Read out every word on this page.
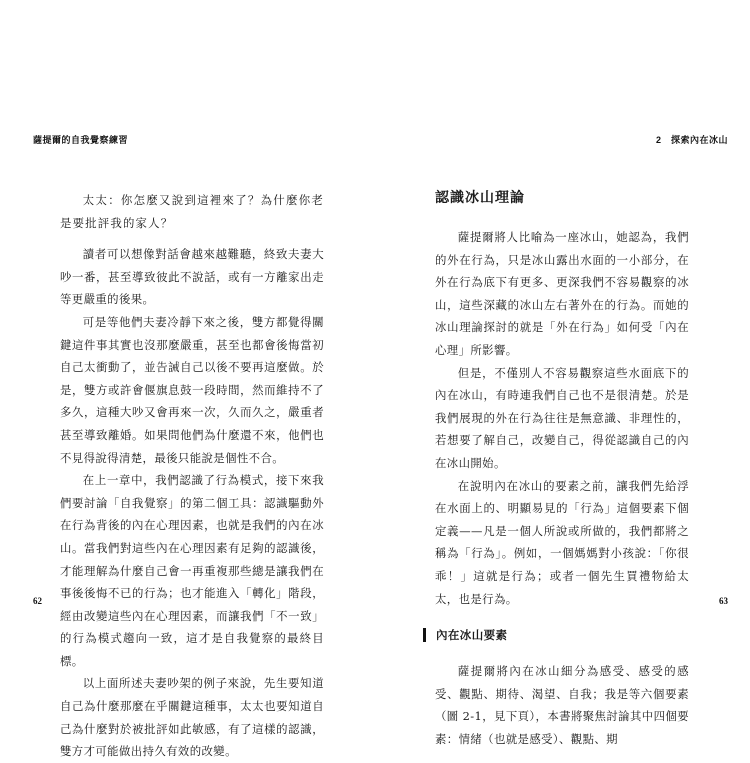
薩提爾的自我覺察練習

太太：你怎麼又說到這裡來了？為什麼你老是要批評我的家人？

讀者可以想像對話會越來越難聽，終致夫妻大吵一番，甚至導致彼此不說話，或有一方離家出走等更嚴重的後果。

可是等他們夫妻冷靜下來之後，雙方都覺得關鍵這件事其實也沒那麼嚴重，甚至也都會後悔當初自己太衝動了，並告誡自己以後不要再這麼做。於是，雙方或許會偃旗息鼓一段時間，然而維持不了多久，這種大吵又會再來一次，久而久之，嚴重者甚至導致離婚。如果問他們為什麼還不來，他們也不見得說得清楚，最後只能說是個性不合。

在上一章中，我們認識了行為模式，接下來我們要討論「自我覺察」的第二個工具：認識驅動外在行為背後的內在心理因素，也就是我們的內在冰山。當我們對這些內在心理因素有足夠的認識後，才能理解為什麼自己會一再重複那些總是讓我們在事後後悔不已的行為；也才能進入「轉化」階段，經由改變這些內在心理因素，而讓我們「不一致」的行為模式趨向一致，這才是自我覺察的最終目標。

以上面所述夫妻吵架的例子來說，先生要知道自己為什麼那麼在乎關鍵這種事，太太也要知道自己為什麼對於被批評如此敏感，有了這樣的認識，雙方才可能做出持久有效的改變。

62
2　探索內在冰山

認識冰山理論

薩提爾將人比喻為一座冰山，她認為，我們的外在行為，只是冰山露出水面的一小部分，在外在行為底下有更多、更深我們不容易觀察的冰山，這些深藏的冰山左右著外在的行為。而她的冰山理論探討的就是「外在行為」如何受「內在心理」所影響。

但是，不僅別人不容易觀察這些水面底下的內在冰山，有時連我們自己也不是很清楚。於是我們展現的外在行為往往是無意識、非理性的，若想要了解自己，改變自己，得從認識自己的內在冰山開始。

在說明內在冰山的要素之前，讓我們先給浮在水面上的、明顯易見的「行為」這個要素下個定義——凡是一個人所說或所做的，我們都將之稱為「行為」。例如，一個媽媽對小孩說：「你很乖！」這就是行為；或者一個先生買禮物給太太，也是行為。

內在冰山要素

薩提爾將內在冰山細分為感受、感受的感受、觀點、期待、渴望、自我；我是等六個要素（圖 2-1，見下頁），本書將聚焦討論其中四個要素：情緒（也就是感受）、觀點、期

63
